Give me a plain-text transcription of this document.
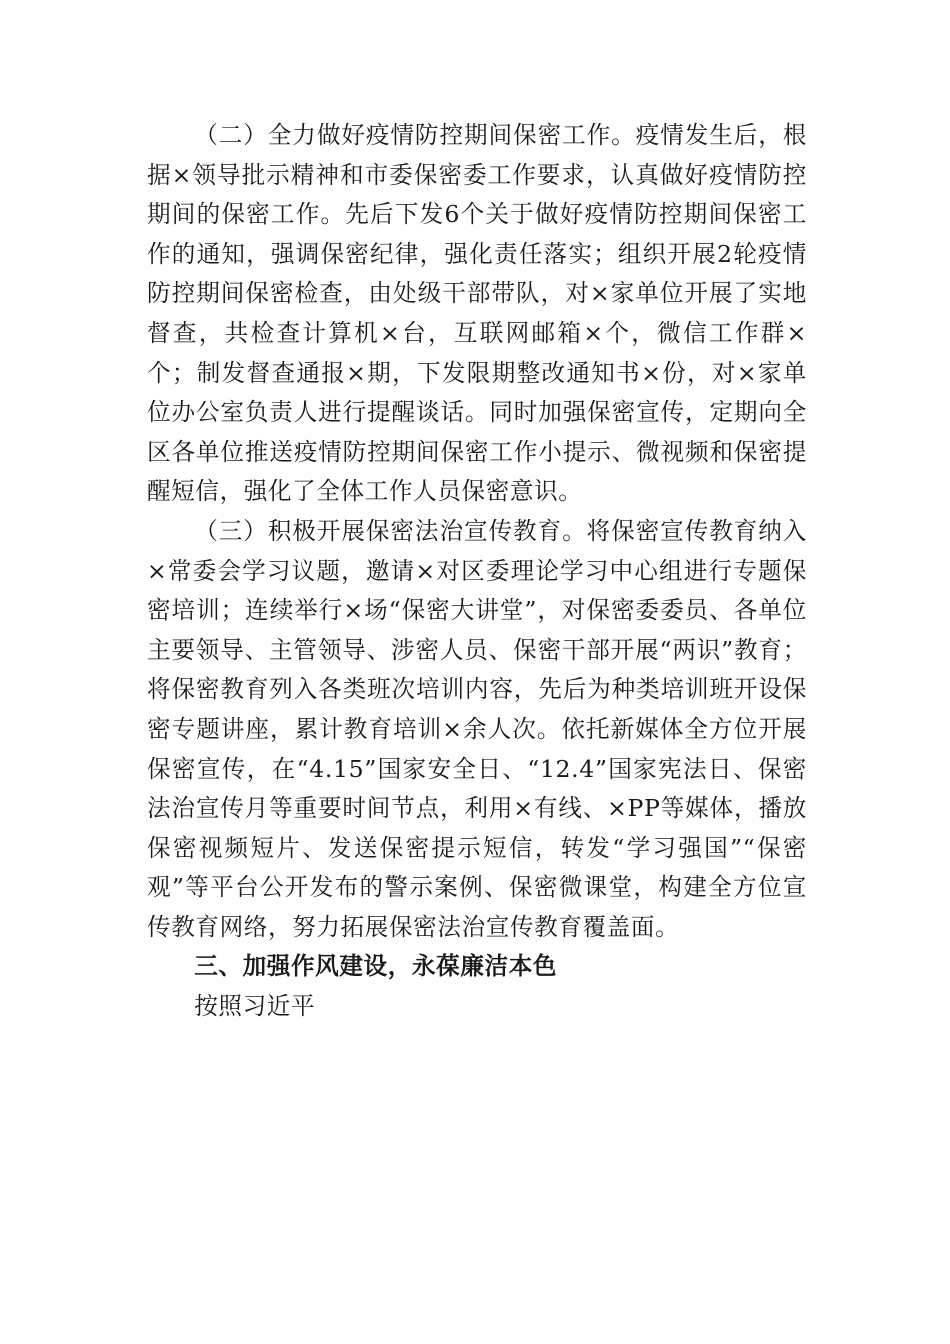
（二）全力做好疫情防控期间保密工作。疫情发生后，根据×领导批示精神和市委保密委工作要求，认真做好疫情防控期间的保密工作。先后下发6个关于做好疫情防控期间保密工作的通知，强调保密纪律，强化责任落实；组织开展2轮疫情防控期间保密检查，由处级干部带队，对×家单位开展了实地督查，共检查计算机×台，互联网邮箱×个，微信工作群×个；制发督查通报×期，下发限期整改通知书×份，对×家单位办公室负责人进行提醒谈话。同时加强保密宣传，定期向全区各单位推送疫情防控期间保密工作小提示、微视频和保密提醒短信，强化了全体工作人员保密意识。

（三）积极开展保密法治宣传教育。将保密宣传教育纳入×常委会学习议题，邀请×对区委理论学习中心组进行专题保密培训；连续举行×场“保密大讲堂”，对保密委委员、各单位主要领导、主管领导、涉密人员、保密干部开展“两识”教育；将保密教育列入各类班次培训内容，先后为种类培训班开设保密专题讲座，累计教育培训×余人次。依托新媒体全方位开展保密宣传，在“4.15”国家安全日、“12.4”国家宪法日、保密法治宣传月等重要时间节点，利用×有线、×PP等媒体，播放保密视频短片、发送保密提示短信，转发“学习强国”“保密观”等平台公开发布的警示案例、保密微课堂，构建全方位宣传教育网络，努力拓展保密法治宣传教育覆盖面。

三、加强作风建设，永葆廉洁本色

按照习近平
